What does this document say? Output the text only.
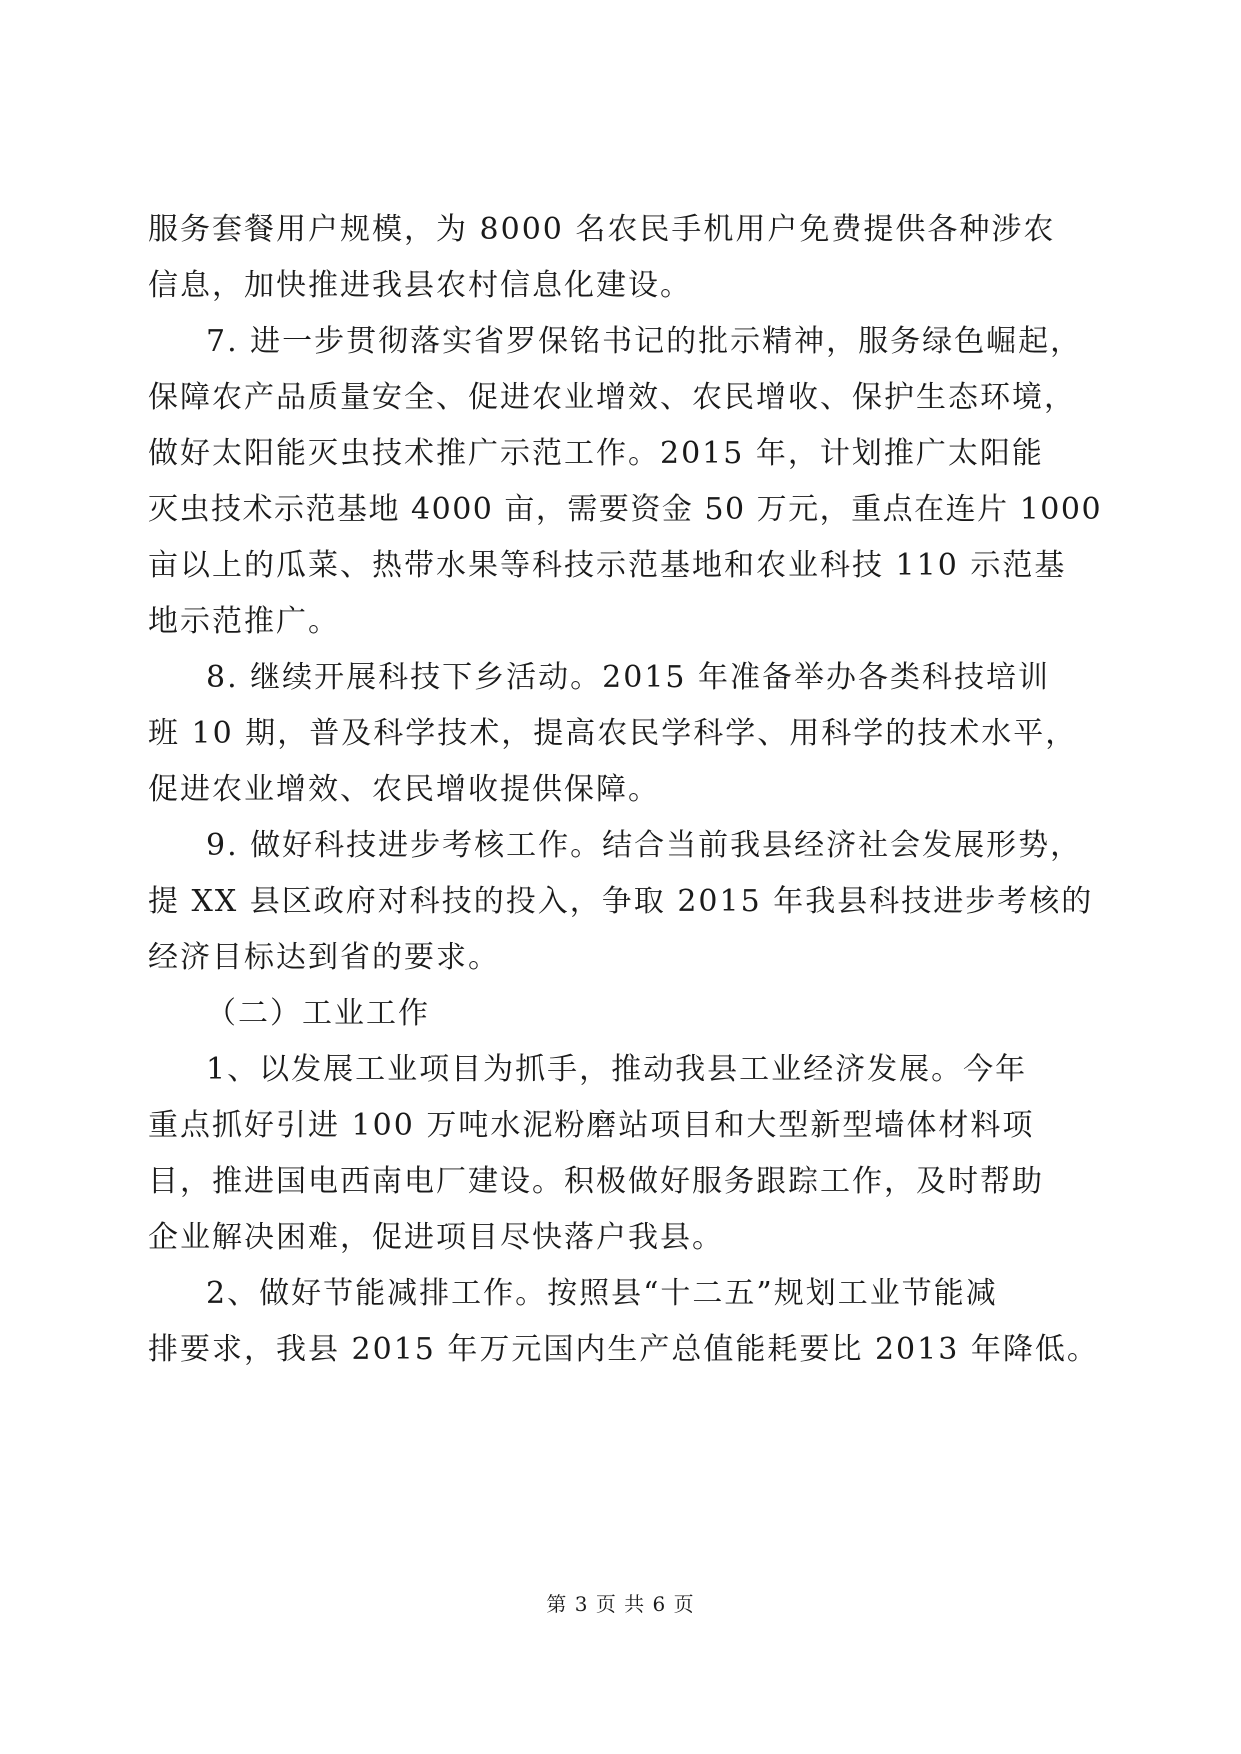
服务套餐用户规模，为 8000 名农民手机用户免费提供各种涉农
信息，加快推进我县农村信息化建设。
7. 进一步贯彻落实省罗保铭书记的批示精神，服务绿色崛起，
保障农产品质量安全、促进农业增效、农民增收、保护生态环境，
做好太阳能灭虫技术推广示范工作。2015 年，计划推广太阳能
灭虫技术示范基地 4000 亩，需要资金 50 万元，重点在连片 1000
亩以上的瓜菜、热带水果等科技示范基地和农业科技 110 示范基
地示范推广。
8. 继续开展科技下乡活动。2015 年准备举办各类科技培训
班 10 期，普及科学技术，提高农民学科学、用科学的技术水平，
促进农业增效、农民增收提供保障。
9. 做好科技进步考核工作。结合当前我县经济社会发展形势，
提 XX 县区政府对科技的投入，争取 2015 年我县科技进步考核的
经济目标达到省的要求。
（二）工业工作
1、以发展工业项目为抓手，推动我县工业经济发展。今年
重点抓好引进 100 万吨水泥粉磨站项目和大型新型墙体材料项
目，推进国电西南电厂建设。积极做好服务跟踪工作，及时帮助
企业解决困难，促进项目尽快落户我县。
2、做好节能减排工作。按照县“十二五”规划工业节能减
排要求，我县 2015 年万元国内生产总值能耗要比 2013 年降低。
第 3 页 共 6 页
